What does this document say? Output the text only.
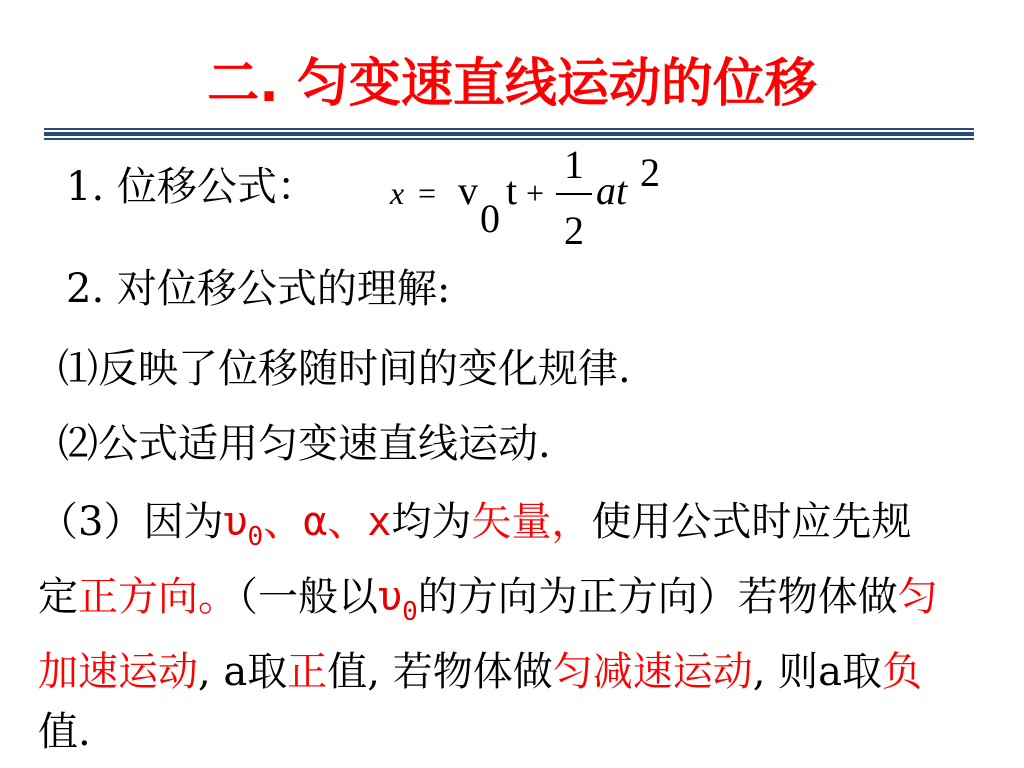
二. 匀变速直线运动的位移
1. 位移公式： x = v
0
t +
1
2
at 2
2. 对位移公式的理解:
⑴反映了位移随时间的变化规律.
⑵公式适用匀变速直线运动.
（3）因为$\upsilon_0$、α、x均为矢量，使用公式时应先规定正方向。（一般以$\upsilon_0$的方向为正方向）若物体做匀加速运动, a取正值, 若物体做匀减速运动, 则a取负值.
